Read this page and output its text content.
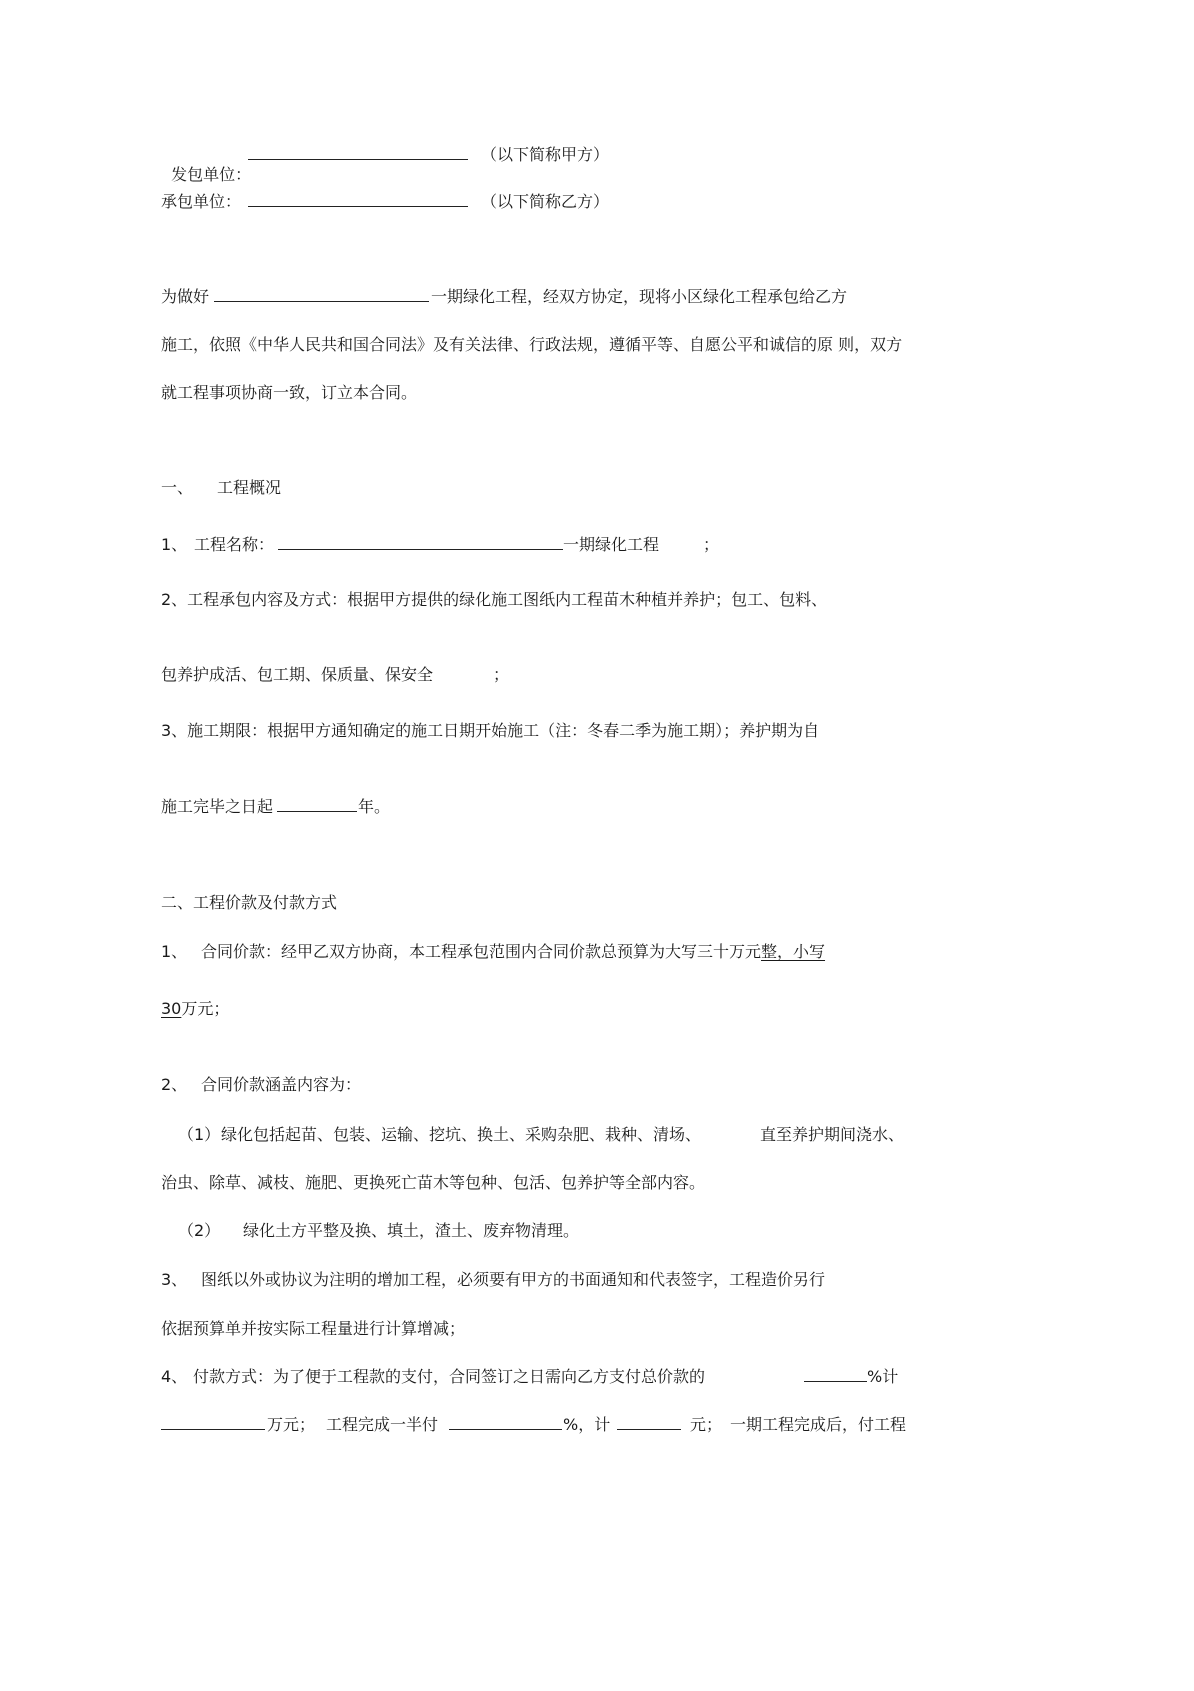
发包单位：

（以下简称甲方）
承包单位：	（以下简称乙方）
为做好	一期绿化工程，经双方协定，现将小区绿化工程承包给乙方
施工，依照《中华人民共和国合同法》及有关法律、行政法规，遵循平等、自愿公平和诚信的原 则，双方
就工程事项协商一致，订立本合同。
一、 工程概况
1、 工程名称：	一期绿化工程	；
2、工程承包内容及方式：根据甲方提供的绿化施工图纸内工程苗木种植并养护；包工、包料、
包养护成活、包工期、保质量、保安全	；
3、施工期限：根据甲方通知确定的施工日期开始施工（注：冬春二季为施工期）；养护期为自
施工完毕之日起	年。
二、工程价款及付款方式
1、 合同价款：经甲乙双方协商，本工程承包范围内合同价款总预算为大写三十万元整，小写
30万元；
2、 合同价款涵盖内容为：
（1） 绿化包括起苗、包装、运输、挖坑、换土、采购杂肥、栽种、清场、	直至养护期间浇水、
治虫、除草、减枝、施肥、更换死亡苗木等包种、包活、包养护等全部内容。
（2） 绿化土方平整及换、填土，渣土、废弃物清理。
3、 图纸以外或协议为注明的增加工程，必须要有甲方的书面通知和代表签字，工程造价另行
依据预算单并按实际工程量进行计算增减；
4、 付款方式：为了便于工程款的支付，合同签订之日需向乙方支付总价款的	%计
万元； 工程完成一半付	%，计	元； 一期工程完成后，付工程
